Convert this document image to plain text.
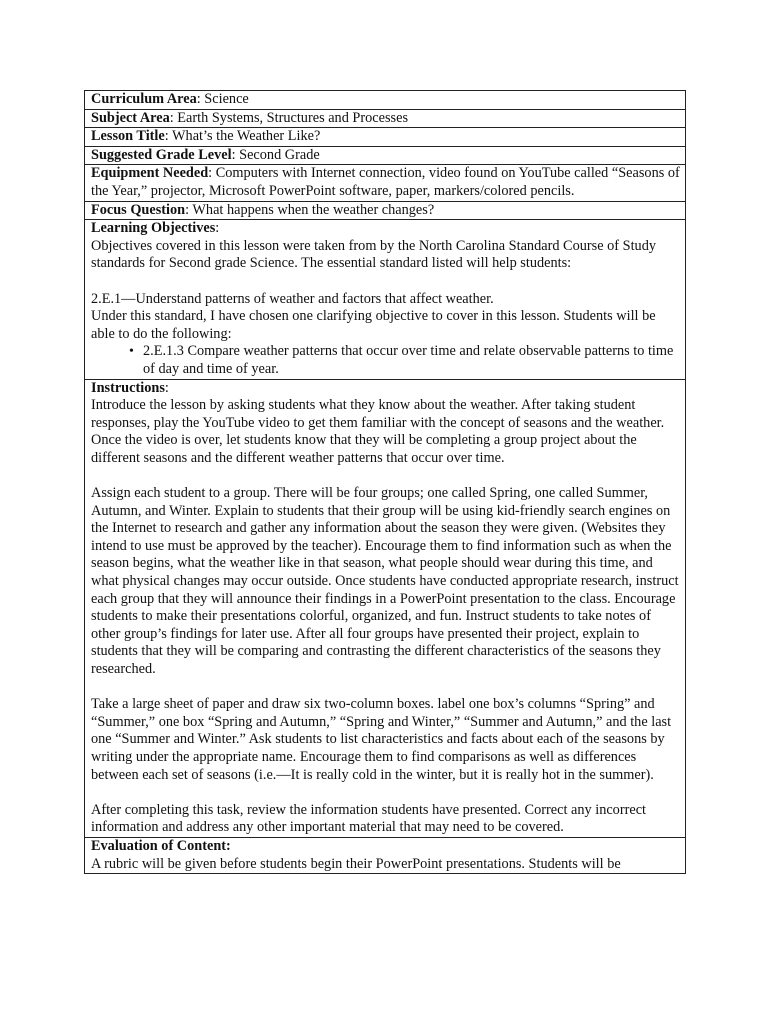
Curriculum Area: Science
Subject Area: Earth Systems, Structures and Processes
Lesson Title: What’s the Weather Like?
Suggested Grade Level: Second Grade
Equipment Needed: Computers with Internet connection, video found on YouTube called “Seasons of the Year,” projector, Microsoft PowerPoint software, paper, markers/colored pencils.
Focus Question: What happens when the weather changes?

Learning Objectives:

Objectives covered in this lesson were taken from by the North Carolina Standard Course of Study standards for Second grade Science. The essential standard listed will help students:

2.E.1—Understand patterns of weather and factors that affect weather.

Under this standard, I have chosen one clarifying objective to cover in this lesson. Students will be able to do the following:

• 2.E.1.3 Compare weather patterns that occur over time and relate observable patterns to time of day and time of year.

Instructions:

Introduce the lesson by asking students what they know about the weather. After taking student responses, play the YouTube video to get them familiar with the concept of seasons and the weather. Once the video is over, let students know that they will be completing a group project about the different seasons and the different weather patterns that occur over time.

Assign each student to a group. There will be four groups; one called Spring, one called Summer, Autumn, and Winter. Explain to students that their group will be using kid-friendly search engines on the Internet to research and gather any information about the season they were given. (Websites they intend to use must be approved by the teacher). Encourage them to find information such as when the season begins, what the weather like in that season, what people should wear during this time, and what physical changes may occur outside. Once students have conducted appropriate research, instruct each group that they will announce their findings in a PowerPoint presentation to the class. Encourage students to make their presentations colorful, organized, and fun. Instruct students to take notes of other group’s findings for later use. After all four groups have presented their project, explain to students that they will be comparing and contrasting the different characteristics of the seasons they researched.

Take a large sheet of paper and draw six two-column boxes. label one box’s columns “Spring” and “Summer,” one box “Spring and Autumn,” “Spring and Winter,” “Summer and Autumn,” and the last one “Summer and Winter.” Ask students to list characteristics and facts about each of the seasons by writing under the appropriate name. Encourage them to find comparisons as well as differences between each set of seasons (i.e.—It is really cold in the winter, but it is really hot in the summer).

After completing this task, review the information students have presented. Correct any incorrect information and address any other important material that may need to be covered.

Evaluation of Content:

A rubric will be given before students begin their PowerPoint presentations. Students will be
